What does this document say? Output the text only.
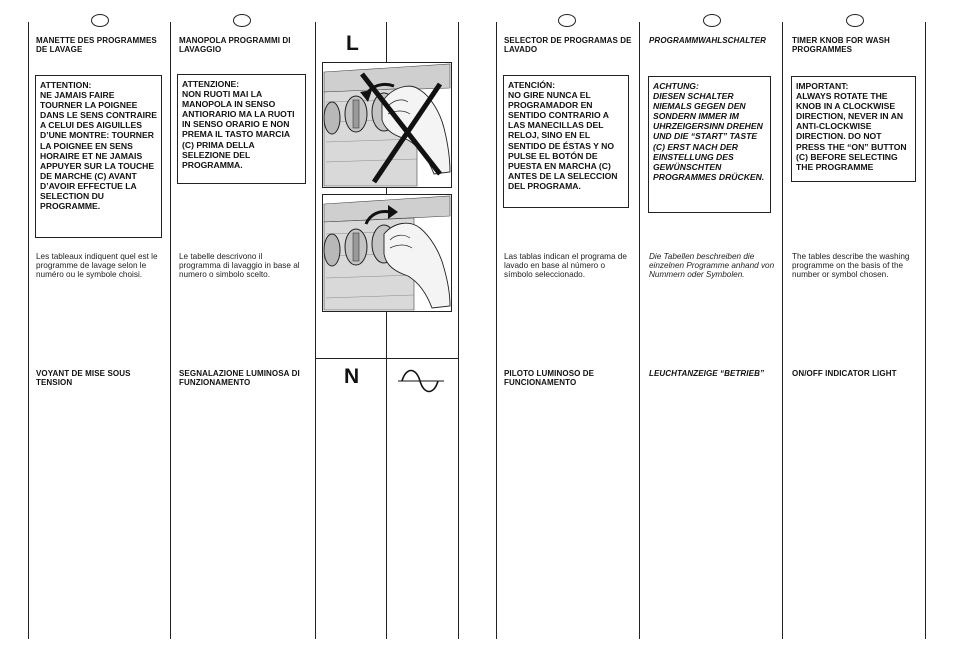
MANETTE DES PROGRAMMES DE LAVAGE
ATTENTION:
NE JAMAIS FAIRE TOURNER LA POIGNEE DANS LE SENS CONTRAIRE A CELUI DES AIGUILLES D’UNE MONTRE: TOURNER LA POIGNEE EN SENS HORAIRE ET NE JAMAIS APPUYER SUR LA TOUCHE DE MARCHE (C) AVANT D’AVOIR EFFECTUE LA SELECTION DU PROGRAMME.
Les tableaux indiquent quel est le programme de lavage selon le numéro ou le symbole choisi.
VOYANT DE MISE SOUS TENSION
MANOPOLA PROGRAMMI DI LAVAGGIO
ATTENZIONE:
NON RUOTI MAI LA MANOPOLA IN SENSO ANTIORARIO MA LA RUOTI IN SENSO ORARIO E NON PREMA IL TASTO MARCIA (C) PRIMA DELLA SELEZIONE DEL PROGRAMMA.
Le tabelle descrivono il programma di lavaggio in base al numero o simbolo scelto.
SEGNALAZIONE LUMINOSA DI FUNZIONAMENTO
L
N
SELECTOR DE PROGRAMAS DE LAVADO
ATENCIÓN:
NO GIRE NUNCA EL PROGRAMADOR EN SENTIDO CONTRARIO A LAS MANECILLAS DEL RELOJ, SINO EN EL SENTIDO DE ÉSTAS Y NO PULSE EL BOTÓN DE PUESTA EN MARCHA (C) ANTES DE LA SELECCION DEL PROGRAMA.
Las tablas indican el programa de lavado en base al número o símbolo seleccionado.
PILOTO LUMINOSO DE FUNCIONAMENTO
PROGRAMMWAHLSCHALTER
ACHTUNG:
DIESEN SCHALTER NIEMALS GEGEN DEN SONDERN IMMER IM UHRZEIGERSINN DREHEN UND DIE “START” TASTE (C) ERST NACH DER EINSTELLUNG DES GEWÜNSCHTEN PROGRAMMES DRÜCKEN.
Die Tabellen beschreiben die einzelnen Programme anhand von Nummern oder Symbolen.
LEUCHTANZEIGE “BETRIEB”
TIMER KNOB FOR WASH PROGRAMMES
IMPORTANT:
ALWAYS ROTATE THE KNOB IN A CLOCKWISE DIRECTION, NEVER IN AN ANTI-CLOCKWISE DIRECTION. DO NOT PRESS THE “ON” BUTTON (C) BEFORE SELECTING THE PROGRAMME
The tables describe the washing programme on the basis of the number or symbol chosen.
ON/OFF INDICATOR LIGHT
